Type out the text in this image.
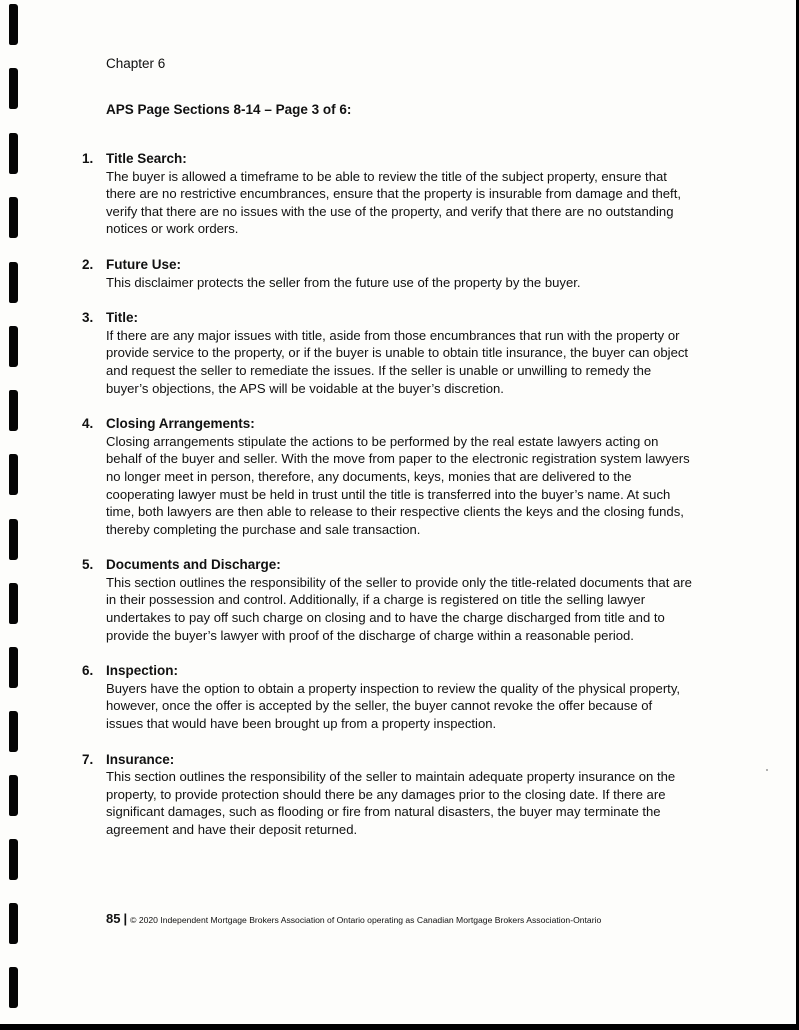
Chapter 6
APS Page Sections 8-14 – Page 3 of 6:
1. Title Search:

The buyer is allowed a timeframe to be able to review the title of the subject property, ensure that there are no restrictive encumbrances, ensure that the property is insurable from damage and theft, verify that there are no issues with the use of the property, and verify that there are no outstanding notices or work orders.

2. Future Use:

This disclaimer protects the seller from the future use of the property by the buyer.

3. Title:

If there are any major issues with title, aside from those encumbrances that run with the property or provide service to the property, or if the buyer is unable to obtain title insurance, the buyer can object and request the seller to remediate the issues. If the seller is unable or unwilling to remedy the buyer’s objections, the APS will be voidable at the buyer’s discretion.

4. Closing Arrangements:

Closing arrangements stipulate the actions to be performed by the real estate lawyers acting on behalf of the buyer and seller. With the move from paper to the electronic registration system lawyers no longer meet in person, therefore, any documents, keys, monies that are delivered to the cooperating lawyer must be held in trust until the title is transferred into the buyer’s name. At such time, both lawyers are then able to release to their respective clients the keys and the closing funds, thereby completing the purchase and sale transaction.

5. Documents and Discharge:

This section outlines the responsibility of the seller to provide only the title-related documents that are in their possession and control. Additionally, if a charge is registered on title the selling lawyer undertakes to pay off such charge on closing and to have the charge discharged from title and to provide the buyer’s lawyer with proof of the discharge of charge within a reasonable period.

6. Inspection:

Buyers have the option to obtain a property inspection to review the quality of the physical property, however, once the offer is accepted by the seller, the buyer cannot revoke the offer because of issues that would have been brought up from a property inspection.

7. Insurance:

This section outlines the responsibility of the seller to maintain adequate property insurance on the property, to provide protection should there be any damages prior to the closing date. If there are significant damages, such as flooding or fire from natural disasters, the buyer may terminate the agreement and have their deposit returned.

85 | © 2020 Independent Mortgage Brokers Association of Ontario operating as Canadian Mortgage Brokers Association-Ontario
